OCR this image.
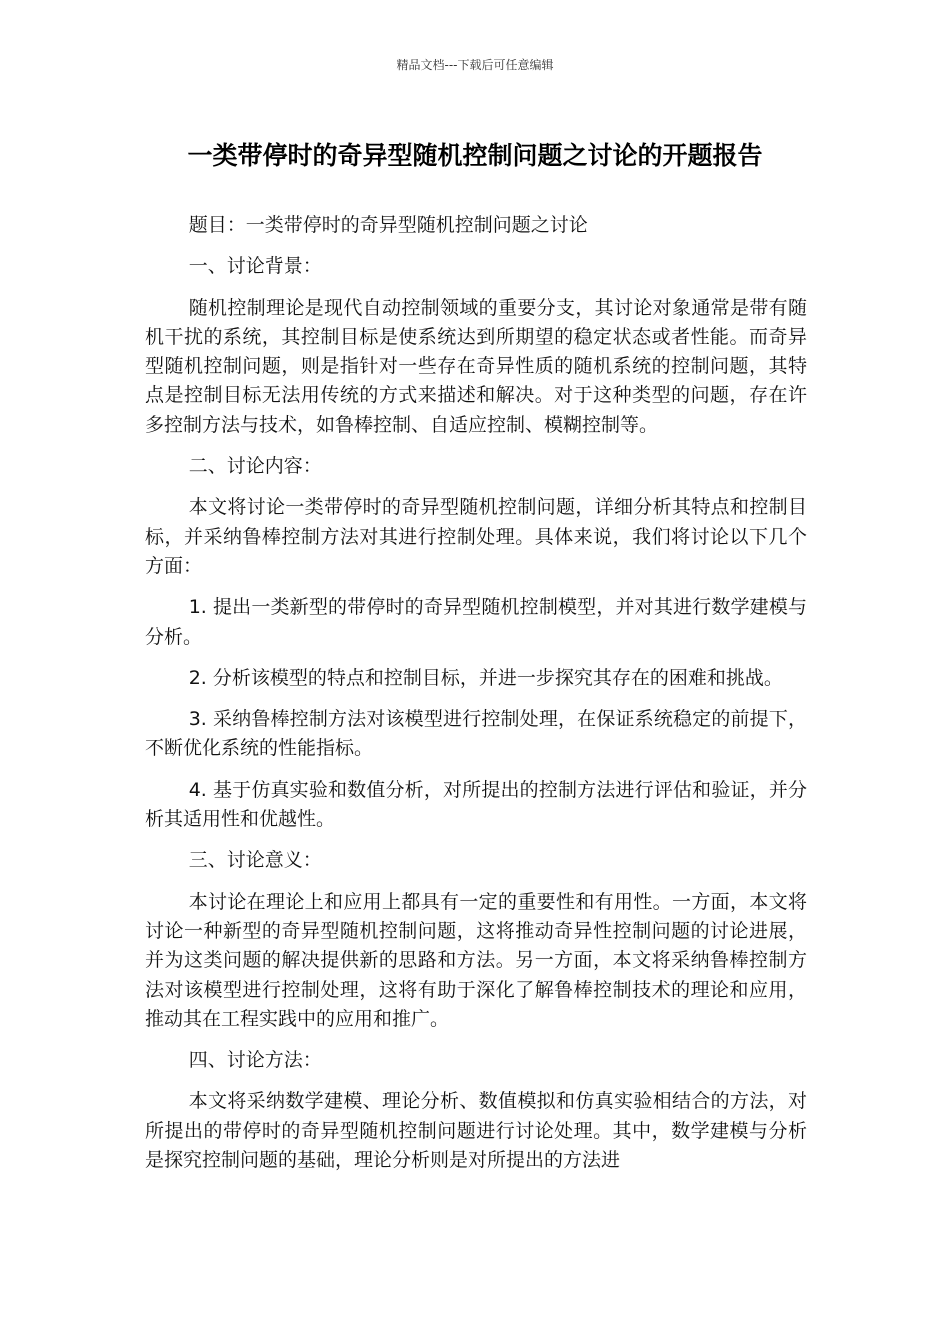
精品文档---下载后可任意编辑
一类带停时的奇异型随机控制问题之讨论的开题报告

题目：一类带停时的奇异型随机控制问题之讨论

一、讨论背景：

随机控制理论是现代自动控制领域的重要分支，其讨论对象通常是带有随机干扰的系统，其控制目标是使系统达到所期望的稳定状态或者性能。而奇异型随机控制问题，则是指针对一些存在奇异性质的随机系统的控制问题，其特点是控制目标无法用传统的方式来描述和解决。对于这种类型的问题，存在许多控制方法与技术，如鲁棒控制、自适应控制、模糊控制等。

二、讨论内容：

本文将讨论一类带停时的奇异型随机控制问题，详细分析其特点和控制目标，并采纳鲁棒控制方法对其进行控制处理。具体来说，我们将讨论以下几个方面：

1. 提出一类新型的带停时的奇异型随机控制模型，并对其进行数学建模与分析。

2. 分析该模型的特点和控制目标，并进一步探究其存在的困难和挑战。

3. 采纳鲁棒控制方法对该模型进行控制处理，在保证系统稳定的前提下，不断优化系统的性能指标。

4. 基于仿真实验和数值分析，对所提出的控制方法进行评估和验证，并分析其适用性和优越性。

三、讨论意义：

本讨论在理论上和应用上都具有一定的重要性和有用性。一方面，本文将讨论一种新型的奇异型随机控制问题，这将推动奇异性控制问题的讨论进展，并为这类问题的解决提供新的思路和方法。另一方面，本文将采纳鲁棒控制方法对该模型进行控制处理，这将有助于深化了解鲁棒控制技术的理论和应用，推动其在工程实践中的应用和推广。

四、讨论方法：

本文将采纳数学建模、理论分析、数值模拟和仿真实验相结合的方法，对所提出的带停时的奇异型随机控制问题进行讨论处理。其中，数学建模与分析是探究控制问题的基础，理论分析则是对所提出的方法进
